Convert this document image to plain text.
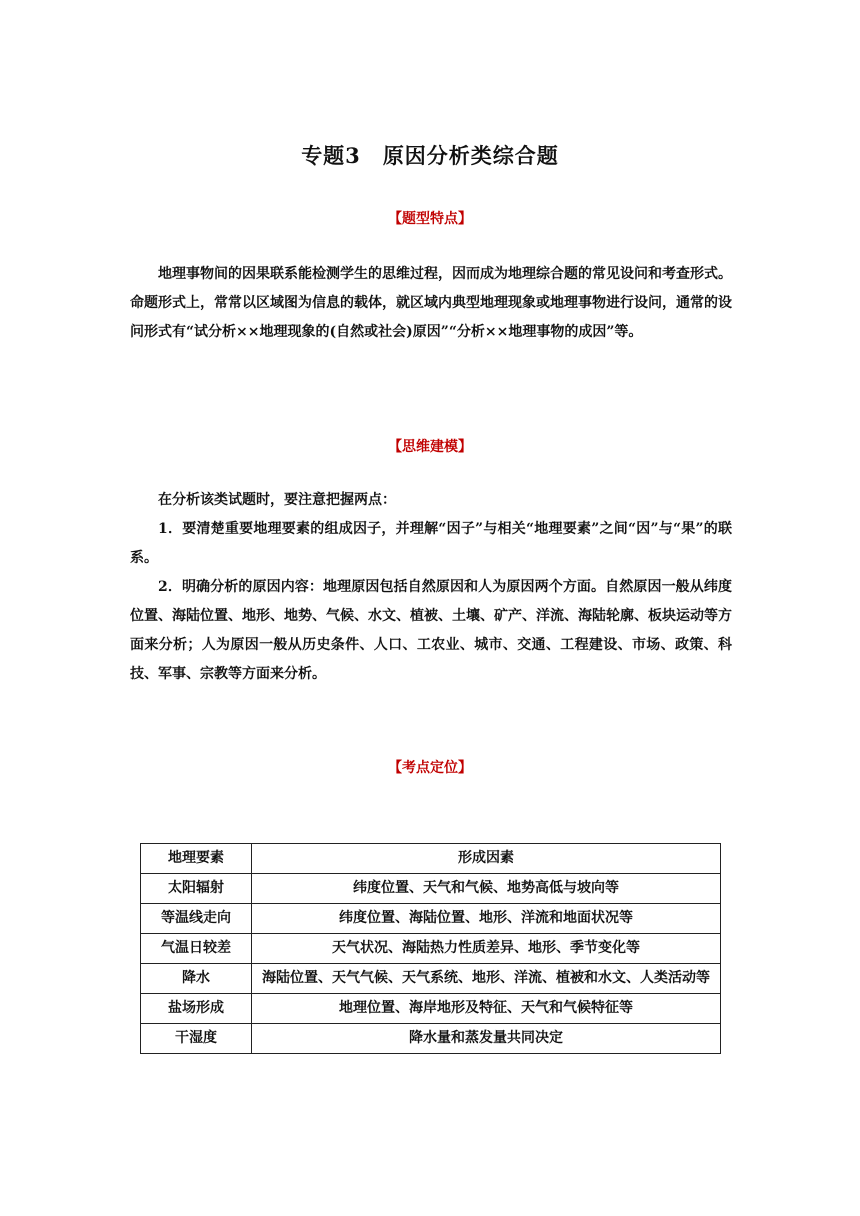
专题3 原因分析类综合题
【题型特点】
地理事物间的因果联系能检测学生的思维过程，因而成为地理综合题的常见设问和考查形式。命题形式上，常常以区域图为信息的载体，就区域内典型地理现象或地理事物进行设问，通常的设问形式有“试分析××地理现象的(自然或社会)原因”“分析××地理事物的成因”等。
【思维建模】

在分析该类试题时，要注意把握两点：

1．要清楚重要地理要素的组成因子，并理解“因子”与相关“地理要素”之间“因”与“果”的联系。

2．明确分析的原因内容：地理原因包括自然原因和人为原因两个方面。自然原因一般从纬度位置、海陆位置、地形、地势、气候、水文、植被、土壤、矿产、洋流、海陆轮廓、板块运动等方面来分析；人为原因一般从历史条件、人口、工农业、城市、交通、工程建设、市场、政策、科技、军事、宗教等方面来分析。

【考点定位】
地理要素	形成因素
太阳辐射	纬度位置、天气和气候、地势高低与坡向等
等温线走向	纬度位置、海陆位置、地形、洋流和地面状况等
气温日较差	天气状况、海陆热力性质差异、地形、季节变化等
降水	海陆位置、天气气候、天气系统、地形、洋流、植被和水文、人类活动等
盐场形成	地理位置、海岸地形及特征、天气和气候特征等
干湿度	降水量和蒸发量共同决定
